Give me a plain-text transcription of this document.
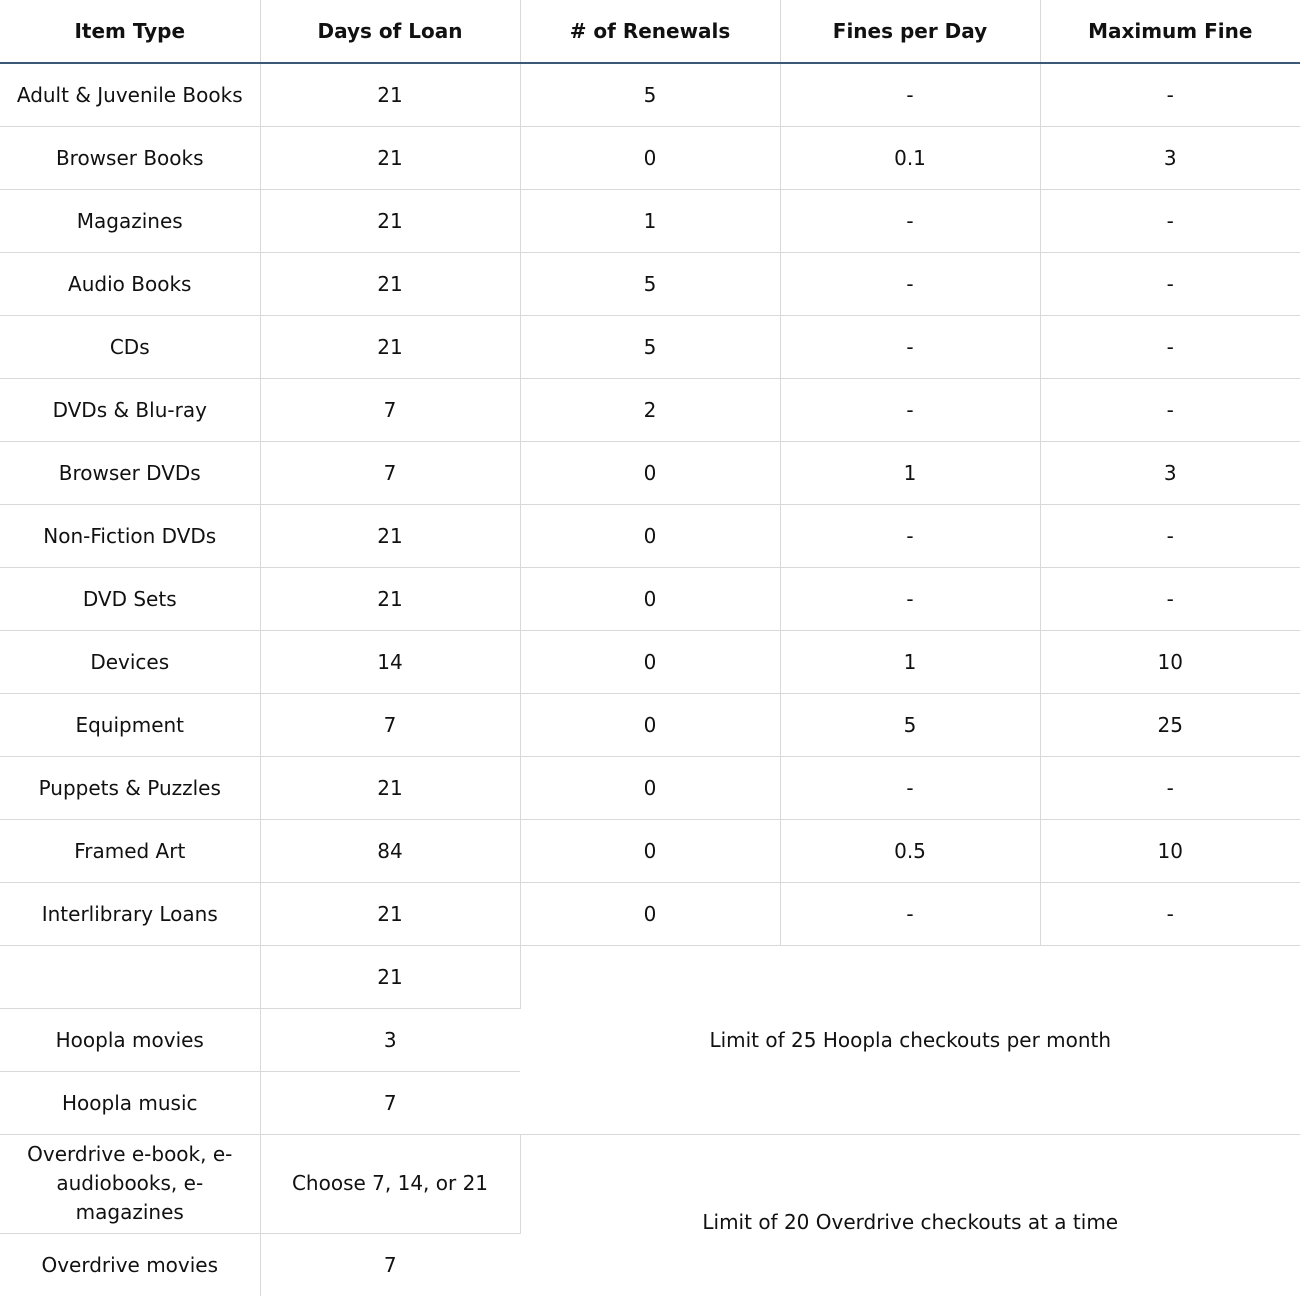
Item Type	Days of Loan	# of Renewals	Fines per Day	Maximum Fine
Adult & Juvenile Books	21	5	-	-
Browser Books	21	0	0.1	3
Magazines	21	1	-	-
Audio Books	21	5	-	-
CDs	21	5	-	-
DVDs & Blu-ray	7	2	-	-
Browser DVDs	7	0	1	3
Non-Fiction DVDs	21	0	-	-
DVD Sets	21	0	-	-
Devices	14	0	1	10
Equipment	7	0	5	25
Puppets & Puzzles	21	0	-	-
Framed Art	84	0	0.5	10
Interlibrary Loans	21	0	-	-
	21	Limit of 25 Hoopla checkouts per month		
Hoopla movies	3			
Hoopla music	7			
Overdrive e-book, e-audiobooks, e-magazines	Choose 7, 14, or 21	Limit of 20 Overdrive checkouts at a time		
Overdrive movies	7			
